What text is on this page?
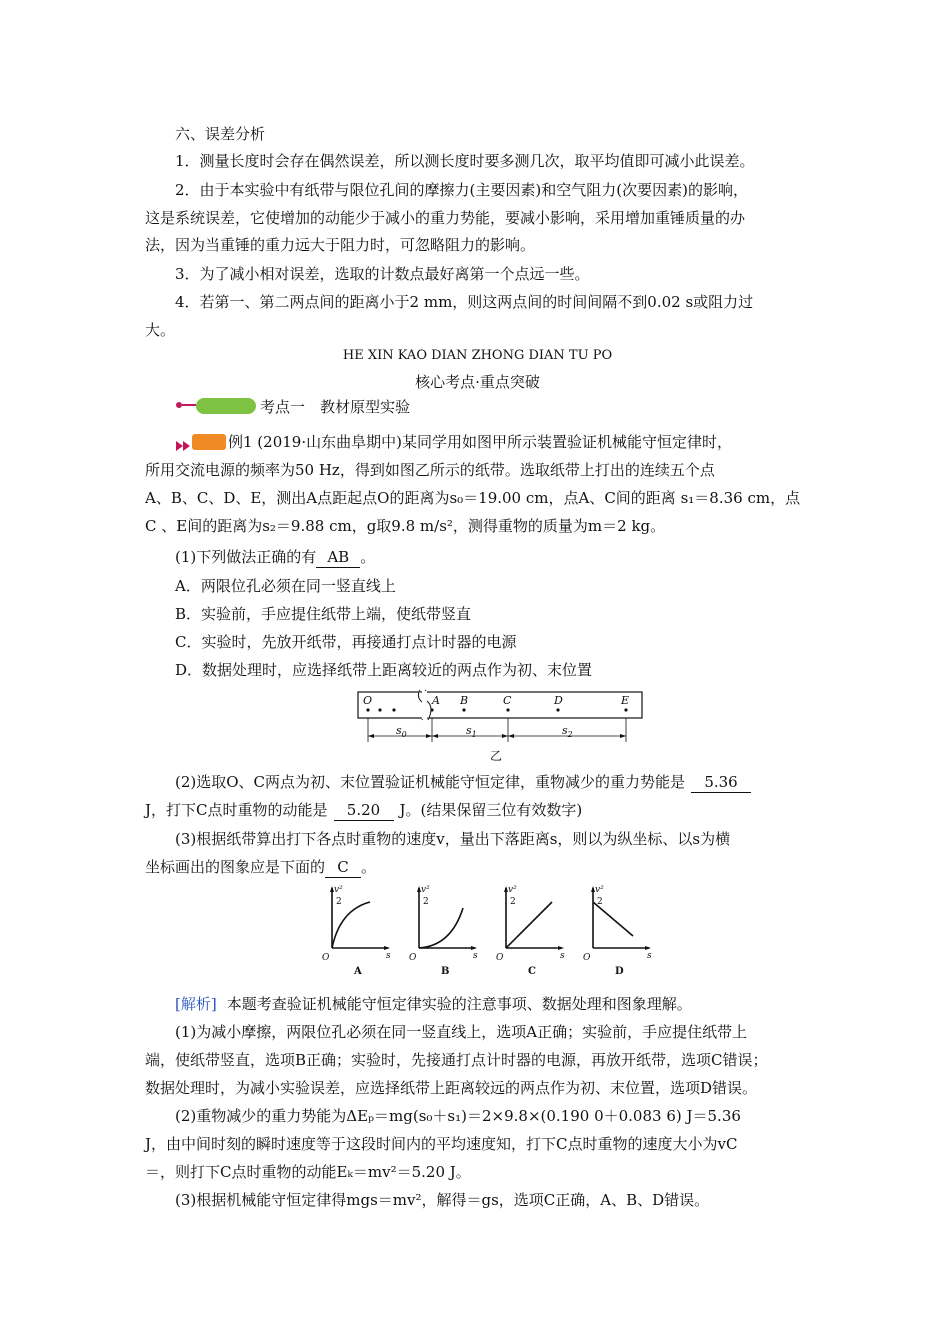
六、误差分析
1．测量长度时会存在偶然误差，所以测长度时要多测几次，取平均值即可减小此误差。
2．由于本实验中有纸带与限位孔间的摩擦力(主要因素)和空气阻力(次要因素)的影响，
这是系统误差，它使增加的动能少于减小的重力势能，要减小影响，采用增加重锤质量的办
法，因为当重锤的重力远大于阻力时，可忽略阻力的影响。
3．为了减小相对误差，选取的计数点最好离第一个点远一些。
4．若第一、第二两点间的距离小于2 mm，则这两点间的时间间隔不到0.02 s或阻力过
大。
HE XIN KAO DIAN ZHONG DIAN TU PO
核心考点·重点突破
考点一　教材原型实验
例1 (2019·山东曲阜期中)某同学用如图甲所示装置验证机械能守恒定律时，
所用交流电源的频率为50 Hz，得到如图乙所示的纸带。选取纸带上打出的连续五个点
A、B、C、D、E，测出A点距起点O的距离为s₀＝19.00 cm，点A、C间的距离 s₁＝8.36 cm，点
C 、E间的距离为s₂＝9.88 cm，g取9.8 m/s²，测得重物的质量为m＝2 kg。
(1)下列做法正确的有 AB 。
A．两限位孔必须在同一竖直线上
B．实验前，手应提住纸带上端，使纸带竖直
C．实验时，先放开纸带，再接通打点计时器的电源
D．数据处理时，应选择纸带上距离较近的两点作为初、末位置
O	A B	C	D	E
$s_0$	$s_1$	$s_2$
乙
(2)选取O、C两点为初、末位置验证机械能守恒定律，重物减少的重力势能是 5.36
J，打下C点时重物的动能是 5.20 J。(结果保留三位有效数字)
(3)根据纸带算出打下各点时重物的速度v，量出下落距离s，则以为纵坐标、以s为横
坐标画出的图象应是下面的 C 。
v²
2
O	s
A
v²
2
O	s
B
v²
2
O	s
C
v²
2
O	s
D
[解析] 本题考查验证机械能守恒定律实验的注意事项、数据处理和图象理解。
(1)为减小摩擦，两限位孔必须在同一竖直线上，选项A正确；实验前，手应提住纸带上
端，使纸带竖直，选项B正确；实验时，先接通打点计时器的电源，再放开纸带，选项C错误；
数据处理时，为减小实验误差，应选择纸带上距离较远的两点作为初、末位置，选项D错误。
(2)重物减少的重力势能为ΔEₚ＝mg(s₀＋s₁)＝2×9.8×(0.190 0＋0.083 6) J＝5.36
J，由中间时刻的瞬时速度等于这段时间内的平均速度知，打下C点时重物的速度大小为vC
＝，则打下C点时重物的动能Eₖ＝mv²＝5.20 J。
(3)根据机械能守恒定律得mgs＝mv²，解得＝gs，选项C正确，A、B、D错误。
